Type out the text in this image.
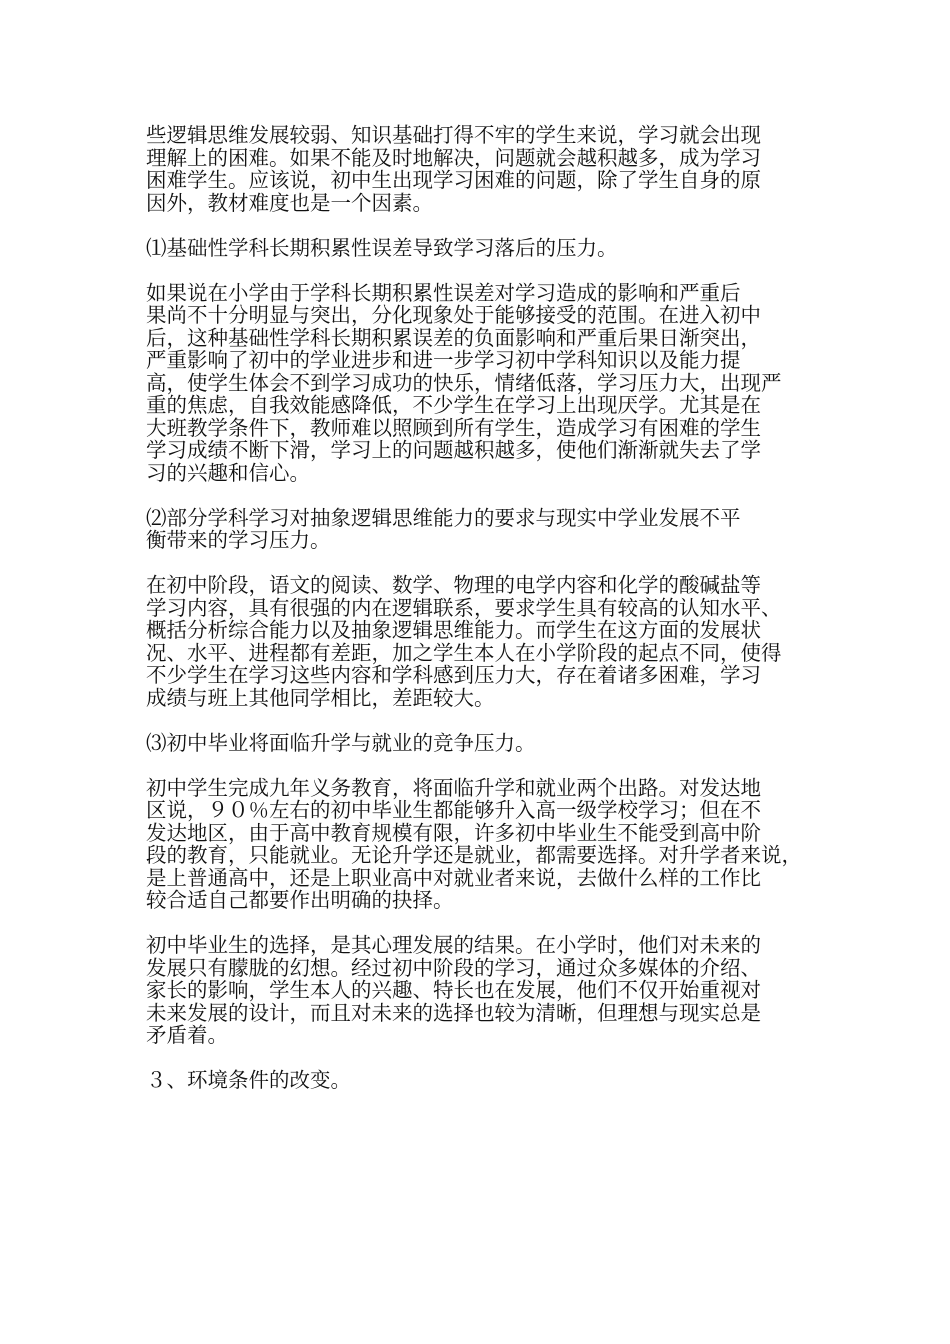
些逻辑思维发展较弱、知识基础打得不牢的学生来说，学习就会出现
理解上的困难。如果不能及时地解决，问题就会越积越多，成为学习
困难学生。应该说，初中生出现学习困难的问题，除了学生自身的原
因外，教材难度也是一个因素。

⑴基础性学科长期积累性误差导致学习落后的压力。

如果说在小学由于学科长期积累性误差对学习造成的影响和严重后
果尚不十分明显与突出，分化现象处于能够接受的范围。在进入初中
后，这种基础性学科长期积累误差的负面影响和严重后果日渐突出，
严重影响了初中的学业进步和进一步学习初中学科知识以及能力提
高，使学生体会不到学习成功的快乐，情绪低落，学习压力大，出现严
重的焦虑，自我效能感降低，不少学生在学习上出现厌学。尤其是在
大班教学条件下，教师难以照顾到所有学生，造成学习有困难的学生
学习成绩不断下滑，学习上的问题越积越多，使他们渐渐就失去了学
习的兴趣和信心。

⑵部分学科学习对抽象逻辑思维能力的要求与现实中学业发展不平
衡带来的学习压力。

在初中阶段，语文的阅读、数学、物理的电学内容和化学的酸碱盐等
学习内容，具有很强的内在逻辑联系，要求学生具有较高的认知水平、
概括分析综合能力以及抽象逻辑思维能力。而学生在这方面的发展状
况、水平、进程都有差距，加之学生本人在小学阶段的起点不同，使得
不少学生在学习这些内容和学科感到压力大，存在着诸多困难，学习
成绩与班上其他同学相比，差距较大。

⑶初中毕业将面临升学与就业的竞争压力。

初中学生完成九年义务教育，将面临升学和就业两个出路。对发达地
区说，９０％左右的初中毕业生都能够升入高一级学校学习；但在不
发达地区，由于高中教育规模有限，许多初中毕业生不能受到高中阶
段的教育，只能就业。无论升学还是就业，都需要选择。对升学者来说，
是上普通高中，还是上职业高中对就业者来说，去做什么样的工作比
较合适自己都要作出明确的抉择。

初中毕业生的选择，是其心理发展的结果。在小学时，他们对未来的
发展只有朦胧的幻想。经过初中阶段的学习，通过众多媒体的介绍、
家长的影响，学生本人的兴趣、特长也在发展，他们不仅开始重视对
未来发展的设计，而且对未来的选择也较为清晰，但理想与现实总是
矛盾着。

３、环境条件的改变。
